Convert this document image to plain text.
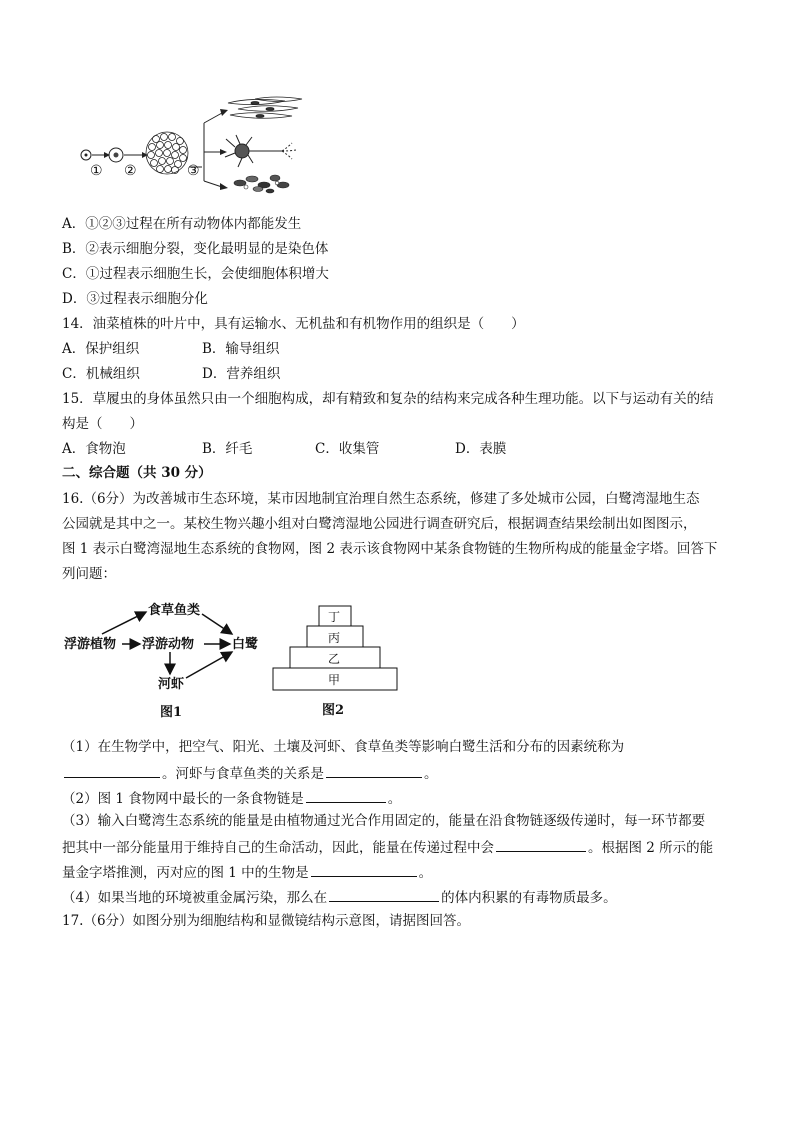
① ②	③
A．①②③过程在所有动物体内都能发生
B．②表示细胞分裂，变化最明显的是染色体
C．①过程表示细胞生长，会使细胞体积增大
D．③过程表示细胞分化
14．油菜植株的叶片中，具有运输水、无机盐和有机物作用的组织是（　　）
A．保护组织	B．输导组织
C．机械组织	D．营养组织
15．草履虫的身体虽然只由一个细胞构成，却有精致和复杂的结构来完成各种生理功能。以下与运动有关的结
构是（　　）
A．食物泡	B．纤毛	C．收集管	D．表膜
二、综合题（共 30 分）
16.（6分）为改善城市生态环境，某市因地制宜治理自然生态系统，修建了多处城市公园，白鹭湾湿地生态
公园就是其中之一。某校生物兴趣小组对白鹭湾湿地公园进行调查研究后，根据调查结果绘制出如图图示，
图 1 表示白鹭湾湿地生态系统的食物网，图 2 表示该食物网中某条食物链的生物所构成的能量金字塔。回答下
列问题：
浮游植物 浮游动物
食草鱼类
河虾
白鹭
图1
丁
丙
乙
甲
图2
（1）在生物学中，把空气、阳光、土壤及河虾、食草鱼类等影响白鹭生活和分布的因素统称为
。河虾与食草鱼类的关系是	。
（2）图 1 食物网中最长的一条食物链是	。
（3）输入白鹭湾生态系统的能量是由植物通过光合作用固定的，能量在沿食物链逐级传递时，每一环节都要
把其中一部分能量用于维持自己的生命活动，因此，能量在传递过程中会	。根据图 2 所示的能
量金字塔推测，丙对应的图 1 中的生物是	。
（4）如果当地的环境被重金属污染，那么在	的体内积累的有毒物质最多。
17.（6分）如图分别为细胞结构和显微镜结构示意图，请据图回答。
